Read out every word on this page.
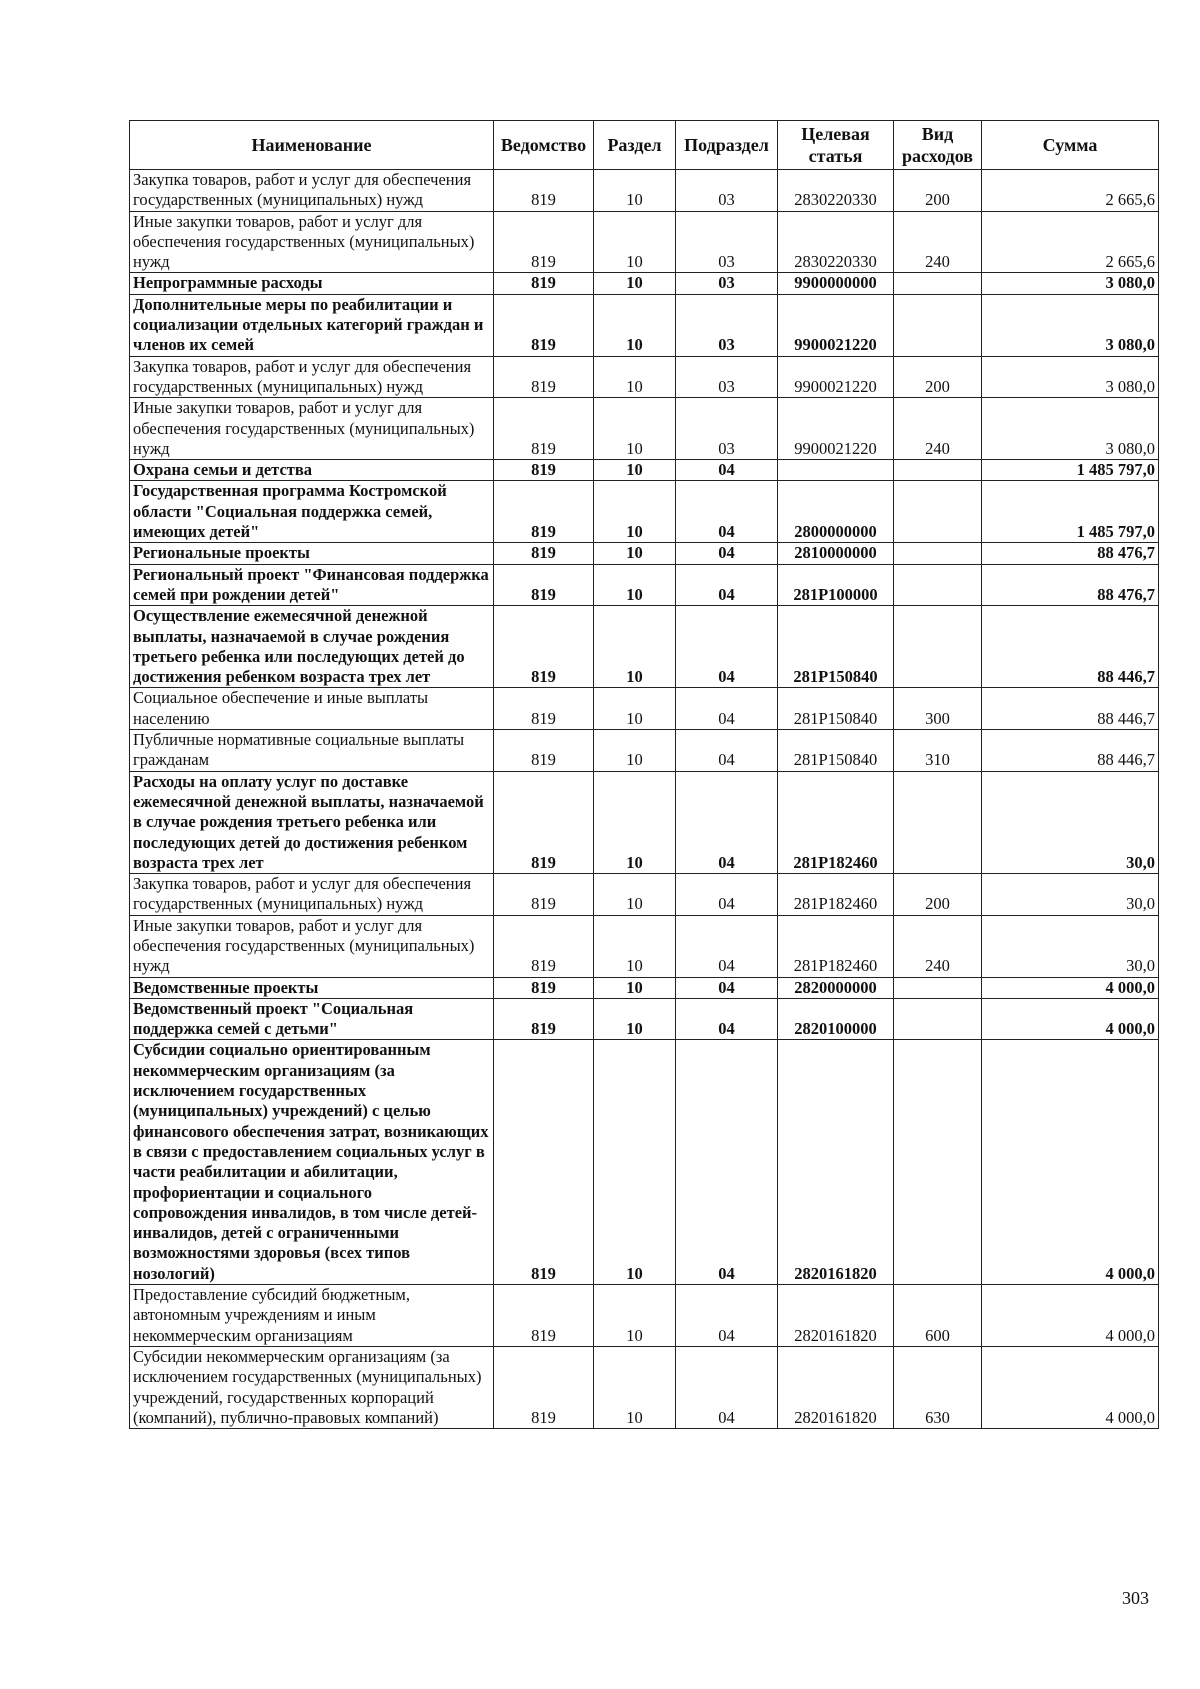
Наименование	Ведомство	Раздел	Подраздел	Целевая статья	Вид расходов	Сумма
Закупка товаров, работ и услуг для обеспечения государственных (муниципальных) нужд	819	10	03	2830220330	200	2 665,6
Иные закупки товаров, работ и услуг для обеспечения государственных (муниципальных) нужд	819	10	03	2830220330	240	2 665,6
Непрограммные расходы	819	10	03	9900000000		3 080,0
Дополнительные меры по реабилитации и социализации отдельных категорий граждан и членов их семей	819	10	03	9900021220		3 080,0
Закупка товаров, работ и услуг для обеспечения государственных (муниципальных) нужд	819	10	03	9900021220	200	3 080,0
Иные закупки товаров, работ и услуг для обеспечения государственных (муниципальных) нужд	819	10	03	9900021220	240	3 080,0
Охрана семьи и детства	819	10	04			1 485 797,0
Государственная программа Костромской области "Социальная поддержка семей, имеющих детей"	819	10	04	2800000000		1 485 797,0
Региональные проекты	819	10	04	2810000000		88 476,7
Региональный проект "Финансовая поддержка семей при рождении детей"	819	10	04	281P100000		88 476,7
Осуществление ежемесячной денежной выплаты, назначаемой в случае рождения третьего ребенка или последующих детей до достижения ребенком возраста трех лет	819	10	04	281P150840		88 446,7
Социальное обеспечение и иные выплаты населению	819	10	04	281P150840	300	88 446,7
Публичные нормативные социальные выплаты гражданам	819	10	04	281P150840	310	88 446,7
Расходы на оплату услуг по доставке ежемесячной денежной выплаты, назначаемой в случае рождения третьего ребенка или последующих детей до достижения ребенком возраста трех лет	819	10	04	281P182460		30,0
Закупка товаров, работ и услуг для обеспечения государственных (муниципальных) нужд	819	10	04	281P182460	200	30,0
Иные закупки товаров, работ и услуг для обеспечения государственных (муниципальных) нужд	819	10	04	281P182460	240	30,0
Ведомственные проекты	819	10	04	2820000000		4 000,0
Ведомственный проект "Социальная поддержка семей с детьми"	819	10	04	2820100000		4 000,0
Субсидии социально ориентированным некоммерческим организациям (за исключением государственных (муниципальных) учреждений) с целью финансового обеспечения затрат, возникающих в связи с предоставлением социальных услуг в части реабилитации и абилитации, профориентации и социального сопровождения инвалидов, в том числе детей-инвалидов, детей с ограниченными возможностями здоровья (всех типов нозологий)	819	10	04	2820161820		4 000,0
Предоставление субсидий бюджетным, автономным учреждениям и иным некоммерческим организациям	819	10	04	2820161820	600	4 000,0
Субсидии некоммерческим организациям (за исключением государственных (муниципальных) учреждений, государственных корпораций (компаний), публично-правовых компаний)	819	10	04	2820161820	630	4 000,0
303
